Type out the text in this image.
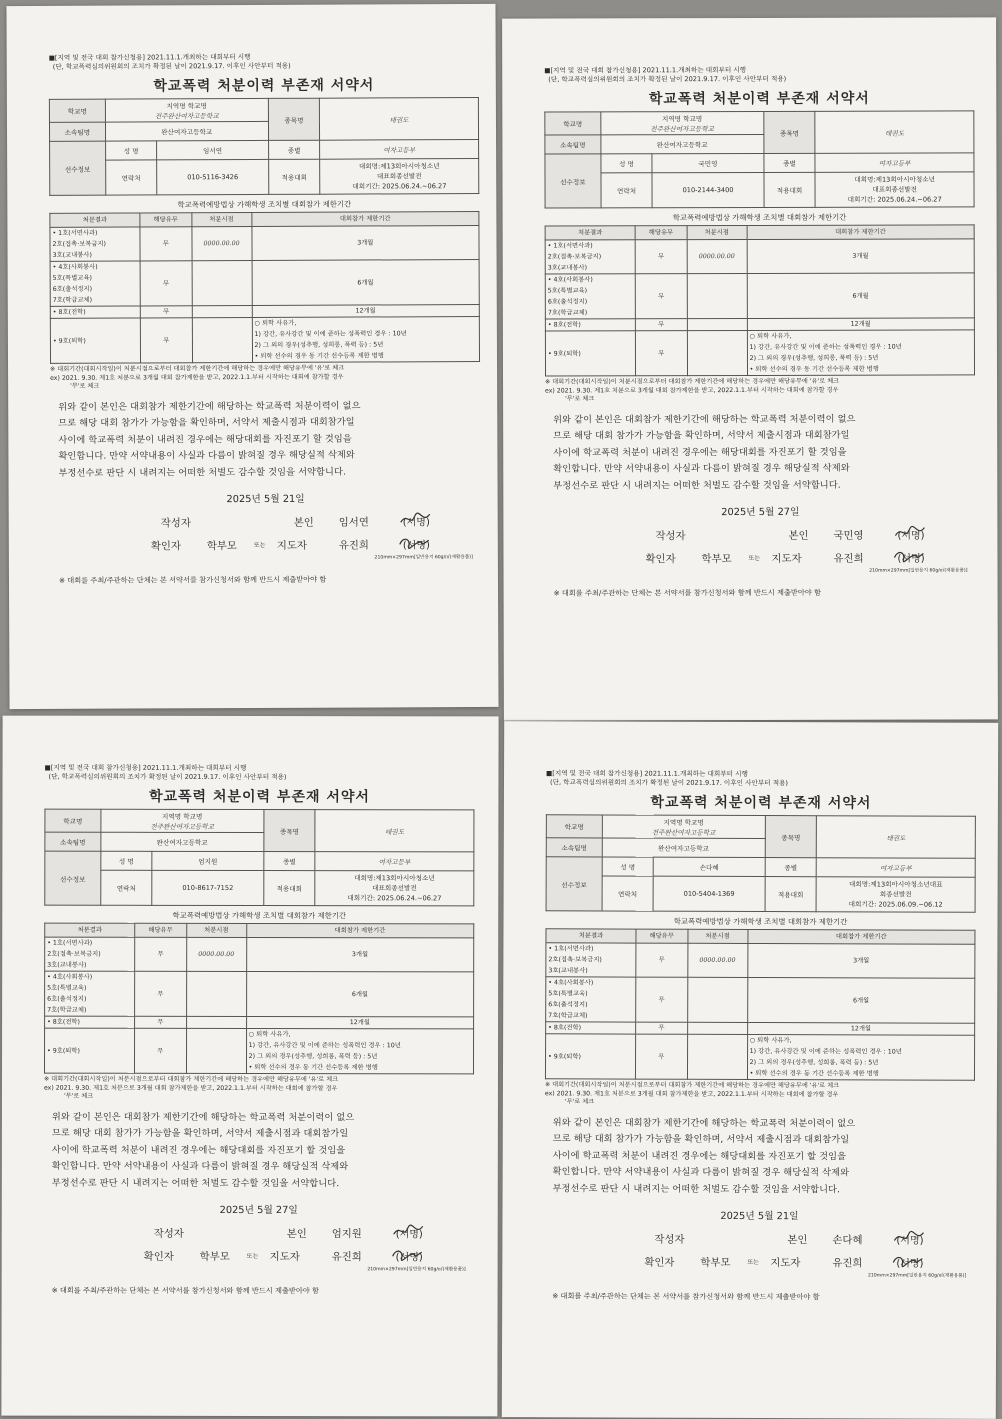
■[지역 및 전국 대회 참가신청용] 2021.11.1.개최하는 대회부터 시행
(단, 학교폭력심의위원회의 조치가 확정된 날이 2021.9.17. 이후인 사안부터 적용)
학교폭력 처분이력 부존재 서약서
학교명	지역명 학교명
전주완산여자고등학교		종목명	태권도
소속팀명	완산여자고등학교			
선수정보	성 명	임서연	종별	여자고등부
	연락처	010-5116-3426	적용대회	대회명:제13회아시아청소년
대표회종선발전
대회기간: 2025.06.24.~06.27
학교폭력예방법상 가해학생 조치별 대회참가 제한기간
처분결과	해당유무	처분시점	대회참가 제한기간

• 1호(서면사과)
2호(접촉·보복금지)
3호(교내봉사)	무	0000.00.00	3개월

• 4호(사회봉사)
5호(특별교육)
6호(출석정지)
7호(학급교체)	무		6개월

• 8호(전학)	무		12개월

• 9호(퇴학)	무		○ 퇴학 사유가,
1) 강간, 유사강간 및 이에 준하는 성폭력인 경우 : 10년
2) 그 외의 경우(성추행, 성희롱, 폭력 등) : 5년
• 퇴학 선수의 경우 동 기간 선수등록 제한 병행
※ 대회기간(대회시작일)이 처분시점으로부터 대회참가 제한기간에 해당하는 경우에만 해당유무에 '유'로 체크
ex) 2021. 9.30. 제1호 처분으로 3개월 대회 참가제한을 받고, 2022.1.1.부터 시작하는 대회에 참가할 경우
'무'로 체크
위와 같이 본인은 대회참가 제한기간에 해당하는 학교폭력 처분이력이 없으
므로 해당 대회 참가가 가능함을 확인하며, 서약서 제출시점과 대회참가일
사이에 학교폭력 처분이 내려진 경우에는 해당대회를 자진포기 할 것임을
확인합니다. 만약 서약내용이 사실과 다름이 밝혀질 경우 해당실적 삭제와
부정선수로 판단 시 내려지는 어떠한 처벌도 감수할 것임을 서약합니다.
2025년 5월 21일
작성자	본인 임서연	(서명)
확인자 학부모	또는 지도자	유진희	(서명)
210mm×297mm[일반용지 60g/㎡(재활용품)]
※ 대회를 주최/주관하는 단체는 본 서약서를 참가신청서와 함께 반드시 제출받아야 함
■[지역 및 전국 대회 참가신청용] 2021.11.1.개최하는 대회부터 시행
(단, 학교폭력심의위원회의 조치가 확정된 날이 2021.9.17. 이후인 사안부터 적용)
학교폭력 처분이력 부존재 서약서
학교명	지역명 학교명
전주완산여자고등학교		종목명	태권도
소속팀명	완산여자고등학교			
선수정보	성 명	국민영	종별	여자고등부
	연락처	010-2144-3400	적용대회	대회명:제13회아시아청소년
대표회종선발전
대회기간: 2025.06.24.~06.27
학교폭력예방법상 가해학생 조치별 대회참가 제한기간
처분결과	해당유무	처분시점	대회참가 제한기간

• 1호(서면사과)
2호(접촉·보복금지)
3호(교내봉사)	무	0000.00.00	3개월

• 4호(사회봉사)
5호(특별교육)
6호(출석정지)
7호(학급교체)	무		6개월

• 8호(전학)	무		12개월

• 9호(퇴학)	무		○ 퇴학 사유가,
1) 강간, 유사강간 및 이에 준하는 성폭력인 경우 : 10년
2) 그 외의 경우(성추행, 성희롱, 폭력 등) : 5년
• 퇴학 선수의 경우 동 기간 선수등록 제한 병행
※ 대회기간(대회시작일)이 처분시점으로부터 대회참가 제한기간에 해당하는 경우에만 해당유무에 '유'로 체크
ex) 2021. 9.30. 제1호 처분으로 3개월 대회 참가제한을 받고, 2022.1.1.부터 시작하는 대회에 참가할 경우
'무'로 체크
위와 같이 본인은 대회참가 제한기간에 해당하는 학교폭력 처분이력이 없으
므로 해당 대회 참가가 가능함을 확인하며, 서약서 제출시점과 대회참가일
사이에 학교폭력 처분이 내려진 경우에는 해당대회를 자진포기 할 것임을
확인합니다. 만약 서약내용이 사실과 다름이 밝혀질 경우 해당실적 삭제와
부정선수로 판단 시 내려지는 어떠한 처벌도 감수할 것임을 서약합니다.
2025년 5월 27일
작성자	본인 국민영	(서명)
확인자 학부모	또는 지도자	유진희	(서명)
210mm×297mm[일반용지 60g/㎡(재활용품)]
※ 대회를 주최/주관하는 단체는 본 서약서를 참가신청서와 함께 반드시 제출받아야 함
■[지역 및 전국 대회 참가신청용] 2021.11.1.개최하는 대회부터 시행
(단, 학교폭력심의위원회의 조치가 확정된 날이 2021.9.17. 이후인 사안부터 적용)
학교폭력 처분이력 부존재 서약서
학교명	지역명 학교명
전주완산여자고등학교		종목명	태권도
소속팀명	완산여자고등학교			
선수정보	성 명	엄지원	종별	여자고등부
	연락처	010-8617-7152	적용대회	대회명:제13회아시아청소년
대표회종선발전
대회기간: 2025.06.24.~06.27
학교폭력예방법상 가해학생 조치별 대회참가 제한기간
처분결과	해당유무	처분시점	대회참가 제한기간

• 1호(서면사과)
2호(접촉·보복금지)
3호(교내봉사)	무	0000.00.00	3개월

• 4호(사회봉사)
5호(특별교육)
6호(출석정지)
7호(학급교체)	무		6개월

• 8호(전학)	무		12개월

• 9호(퇴학)	무		○ 퇴학 사유가,
1) 강간, 유사강간 및 이에 준하는 성폭력인 경우 : 10년
2) 그 외의 경우(성추행, 성희롱, 폭력 등) : 5년
• 퇴학 선수의 경우 동 기간 선수등록 제한 병행
※ 대회기간(대회시작일)이 처분시점으로부터 대회참가 제한기간에 해당하는 경우에만 해당유무에 '유'로 체크
ex) 2021. 9.30. 제1호 처분으로 3개월 대회 참가제한을 받고, 2022.1.1.부터 시작하는 대회에 참가할 경우
'무'로 체크
위와 같이 본인은 대회참가 제한기간에 해당하는 학교폭력 처분이력이 없으
므로 해당 대회 참가가 가능함을 확인하며, 서약서 제출시점과 대회참가일
사이에 학교폭력 처분이 내려진 경우에는 해당대회를 자진포기 할 것임을
확인합니다. 만약 서약내용이 사실과 다름이 밝혀질 경우 해당실적 삭제와
부정선수로 판단 시 내려지는 어떠한 처벌도 감수할 것임을 서약합니다.
2025년 5월 27일
작성자	본인 엄지원	(서명)
확인자 학부모	또는 지도자	유진희	(서명)
210mm×297mm[일반용지 60g/㎡(재활용품)]
※ 대회를 주최/주관하는 단체는 본 서약서를 참가신청서와 함께 반드시 제출받아야 함
■[지역 및 전국 대회 참가신청용] 2021.11.1.개최하는 대회부터 시행
(단, 학교폭력심의위원회의 조치가 확정된 날이 2021.9.17. 이후인 사안부터 적용)
학교폭력 처분이력 부존재 서약서
학교명	지역명 학교명
전주완산여자고등학교		종목명	태권도
소속팀명	완산여자고등학교			
선수정보	성 명	손다혜	종별	여자고등부
	연락처	010-5404-1369	적용대회	대회명:제13회아시아청소년대표
회종선발전
대회기간: 2025.06.09.~06.12
학교폭력예방법상 가해학생 조치별 대회참가 제한기간
처분결과	해당유무	처분시점	대회참가 제한기간

• 1호(서면사과)
2호(접촉·보복금지)
3호(교내봉사)	무	0000.00.00	3개월

• 4호(사회봉사)
5호(특별교육)
6호(출석정지)
7호(학급교체)	무		6개월

• 8호(전학)	무		12개월

• 9호(퇴학)	무		○ 퇴학 사유가,
1) 강간, 유사강간 및 이에 준하는 성폭력인 경우 : 10년
2) 그 외의 경우(성추행, 성희롱, 폭력 등) : 5년
• 퇴학 선수의 경우 동 기간 선수등록 제한 병행
※ 대회기간(대회시작일)이 처분시점으로부터 대회참가 제한기간에 해당하는 경우에만 해당유무에 '유'로 체크
ex) 2021. 9.30. 제1호 처분으로 3개월 대회 참가제한을 받고, 2022.1.1.부터 시작하는 대회에 참가할 경우
'무'로 체크
위와 같이 본인은 대회참가 제한기간에 해당하는 학교폭력 처분이력이 없으
므로 해당 대회 참가가 가능함을 확인하며, 서약서 제출시점과 대회참가일
사이에 학교폭력 처분이 내려진 경우에는 해당대회를 자진포기 할 것임을
확인합니다. 만약 서약내용이 사실과 다름이 밝혀질 경우 해당실적 삭제와
부정선수로 판단 시 내려지는 어떠한 처벌도 감수할 것임을 서약합니다.
2025년 5월 21일
작성자	본인 손다혜	(서명)
확인자 학부모	또는 지도자	유진희	(서명)
210mm×297mm[일반용지 60g/㎡(재활용품)]
※ 대회를 주최/주관하는 단체는 본 서약서를 참가신청서와 함께 반드시 제출받아야 함
